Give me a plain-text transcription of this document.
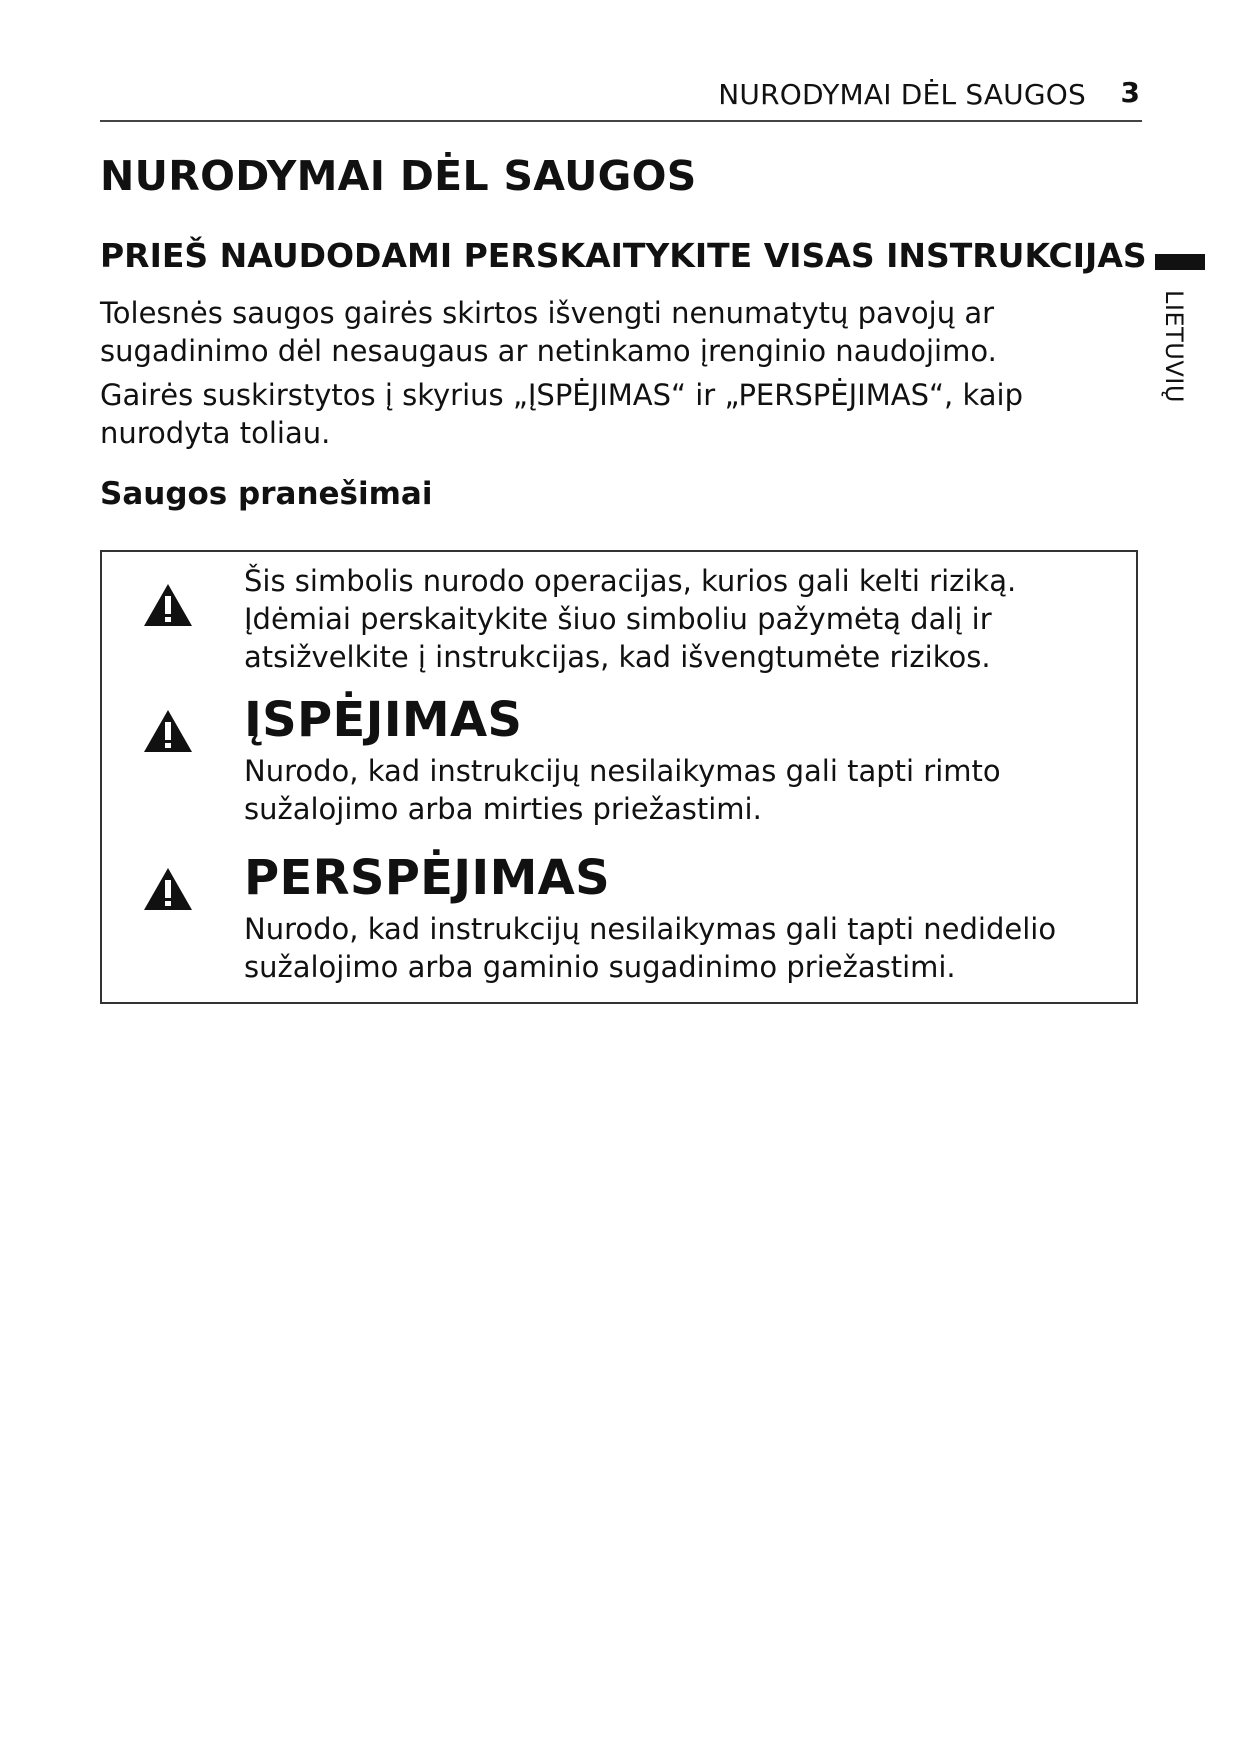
NURODYMAI DĖL SAUGOS 3
LIETUVIŲ
NURODYMAI DĖL SAUGOS
PRIEŠ NAUDODAMI PERSKAITYKITE VISAS INSTRUKCIJAS

Tolesnės saugos gairės skirtos išvengti nenumatytų pavojų ar sugadinimo dėl nesaugaus ar netinkamo įrenginio naudojimo.

Gairės suskirstytos į skyrius „ĮSPĖJIMAS“ ir „PERSPĖJIMAS“, kaip nurodyta toliau.

Saugos pranešimai

Šis simbolis nurodo operacijas, kurios gali kelti riziką. Įdėmiai perskaitykite šiuo simboliu pažymėtą dalį ir atsižvelkite į instrukcijas, kad išvengtumėte rizikos.

ĮSPĖJIMAS

Nurodo, kad instrukcijų nesilaikymas gali tapti rimto sužalojimo arba mirties priežastimi.

PERSPĖJIMAS

Nurodo, kad instrukcijų nesilaikymas gali tapti nedidelio sužalojimo arba gaminio sugadinimo priežastimi.
